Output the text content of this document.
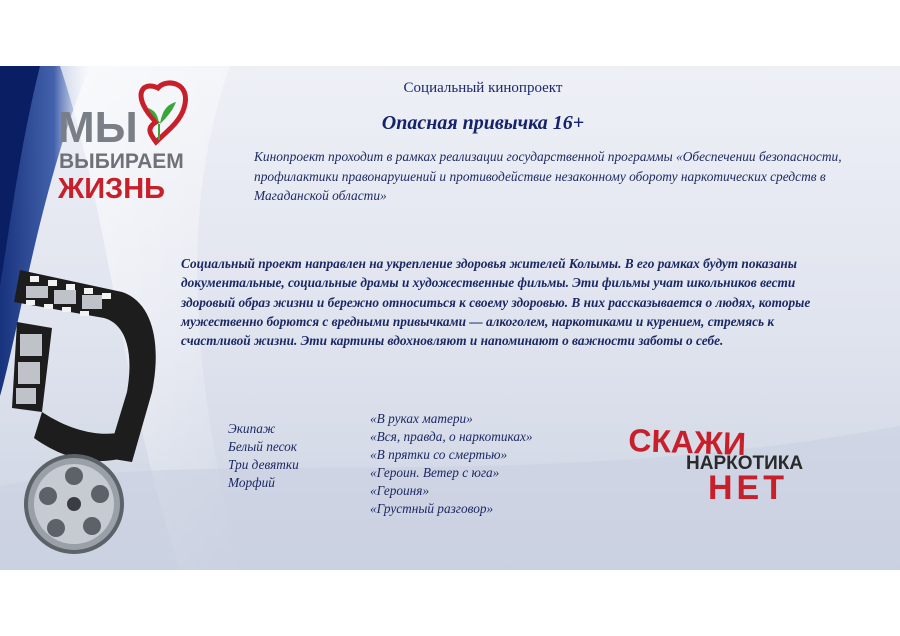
МЫ
ВЫБИРАЕМ
ЖИЗНЬ
Социальный кинопроект
Опасная привычка 16+
Кинопроект проходит в рамках реализации государственной программы «Обеспечении безопасности, профилактики правонарушений и противодействие незаконному обороту наркотических средств в Магаданской области»
Социальный проект направлен на укрепление здоровья жителей Колымы. В его рамках будут показаны документальные, социальные драмы и художественные фильмы. Эти фильмы учат школьников вести здоровый образ жизни и бережно относиться к своему здоровью. В них рассказывается о людях, которые мужественно борются с вредными привычками — алкоголем, наркотиками и курением, стремясь к счастливой жизни. Эти картины вдохновляют и напоминают о важности заботы о себе.
Экипаж
Белый песок
Три девятки
Морфий
«В руках матери»
«Вся, правда, о наркотиках»
«В прятки со смертью»
«Героин. Ветер с юга»
«Героиня»
«Грустный разговор»
СКАЖИ
НАРКОТИКА
НЕТ
